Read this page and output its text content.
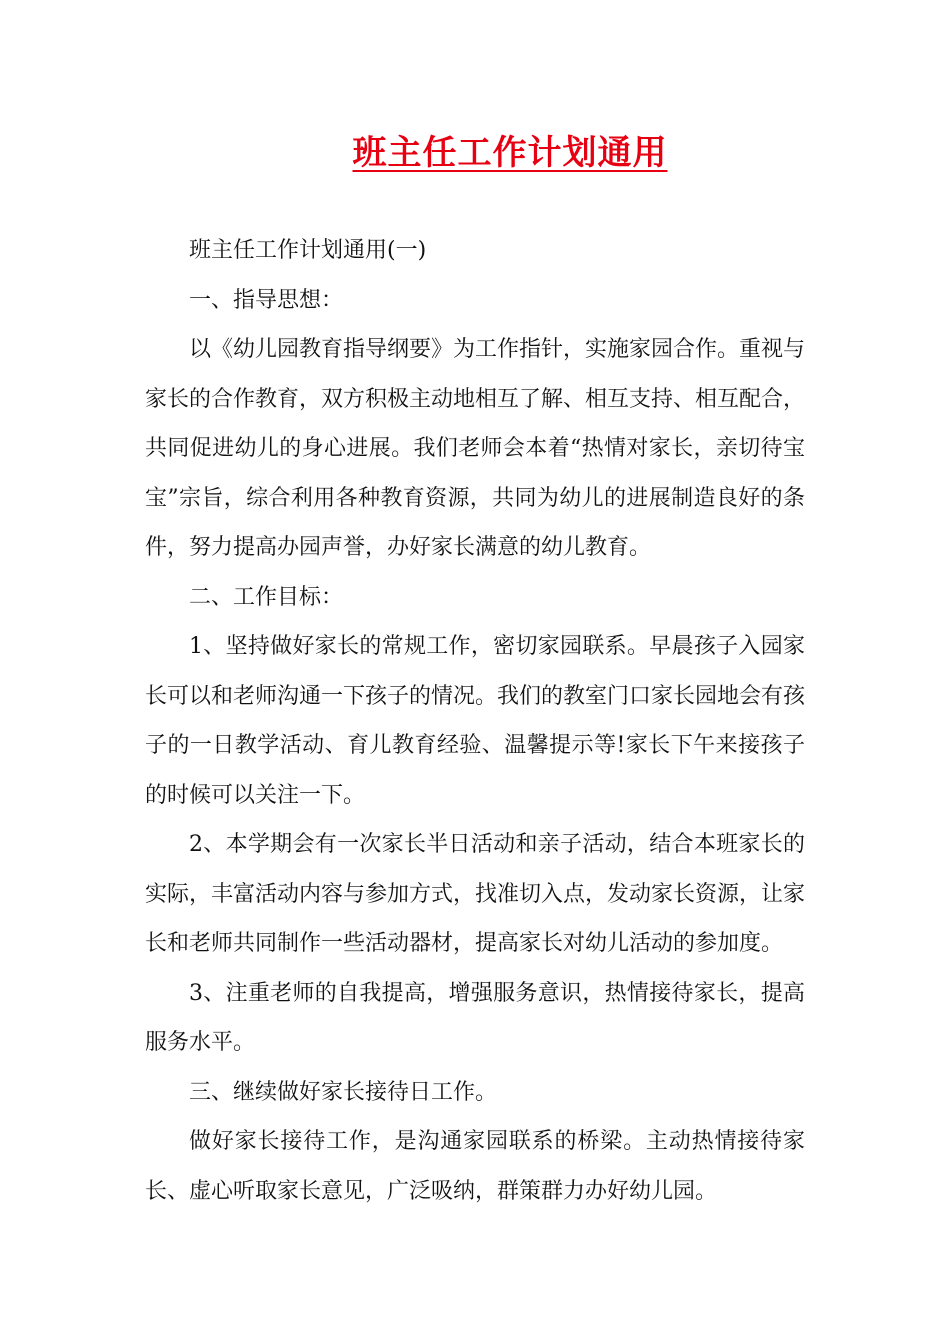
班主任工作计划通用

班主任工作计划通用(一)

一、指导思想：

以《幼儿园教育指导纲要》为工作指针，实施家园合作。重视与家长的合作教育，双方积极主动地相互了解、相互支持、相互配合，共同促进幼儿的身心进展。我们老师会本着“热情对家长，亲切待宝宝”宗旨，综合利用各种教育资源，共同为幼儿的进展制造良好的条件，努力提高办园声誉，办好家长满意的幼儿教育。

二、工作目标：

1、坚持做好家长的常规工作，密切家园联系。早晨孩子入园家长可以和老师沟通一下孩子的情况。我们的教室门口家长园地会有孩子的一日教学活动、育儿教育经验、温馨提示等!家长下午来接孩子的时候可以关注一下。

2、本学期会有一次家长半日活动和亲子活动，结合本班家长的实际，丰富活动内容与参加方式，找准切入点，发动家长资源，让家长和老师共同制作一些活动器材，提高家长对幼儿活动的参加度。

3、注重老师的自我提高，增强服务意识，热情接待家长，提高服务水平。

三、继续做好家长接待日工作。

做好家长接待工作，是沟通家园联系的桥梁。主动热情接待家长、虚心听取家长意见，广泛吸纳，群策群力办好幼儿园。
